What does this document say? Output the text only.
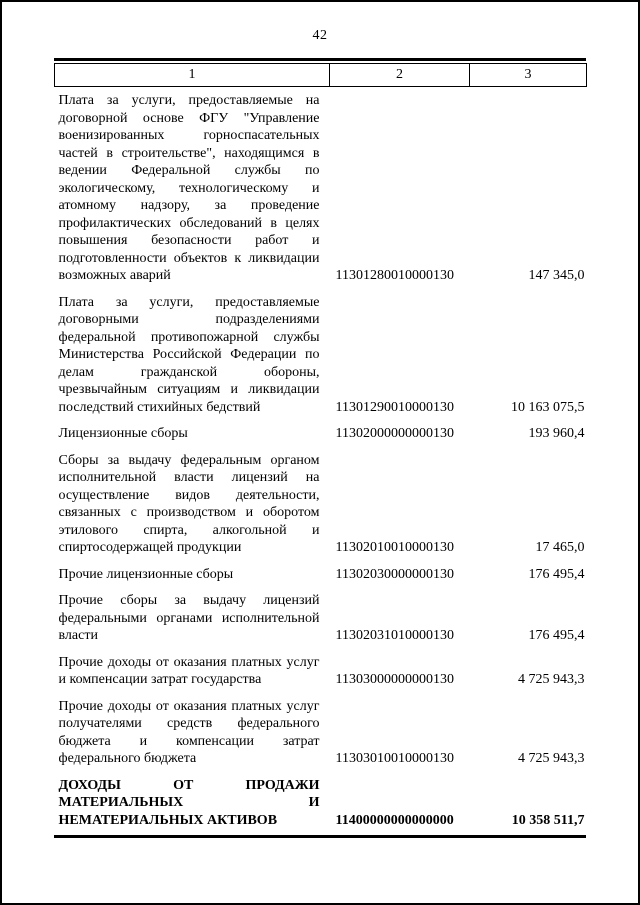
42
1	2	3
Плата за услуги, предоставляемые на договорной основе ФГУ "Управление военизированных горноспасательных частей в строительстве", находящимся в ведении Федеральной службы по экологическому, технологическому и атомному надзору, за проведение профилактических обследований в целях повышения безопасности работ и подготовленности объектов к ликвидации возможных аварий	11301280010000130	147 345,0
Плата за услуги, предоставляемые договорными подразделениями федеральной противопожарной службы Министерства Российской Федерации по делам гражданской обороны, чрезвычайным ситуациям и ликвидации последствий стихийных бедствий	11301290010000130	10 163 075,5
Лицензионные сборы	11302000000000130	193 960,4
Сборы за выдачу федеральным органом исполнительной власти лицензий на осуществление видов деятельности, связанных с производством и оборотом этилового спирта, алкогольной и спиртосодержащей продукции	11302010010000130	17 465,0
Прочие лицензионные сборы	11302030000000130	176 495,4
Прочие сборы за выдачу лицензий федеральными органами исполнительной власти	11302031010000130	176 495,4
Прочие доходы от оказания платных услуг и компенсации затрат государства	11303000000000130	4 725 943,3
Прочие доходы от оказания платных услуг получателями средств федерального бюджета и компенсации затрат федерального бюджета	11303010010000130	4 725 943,3
ДОХОДЫ ОТ ПРОДАЖИ МАТЕРИАЛЬНЫХ И НЕМАТЕРИАЛЬНЫХ АКТИВОВ	11400000000000000	10 358 511,7
